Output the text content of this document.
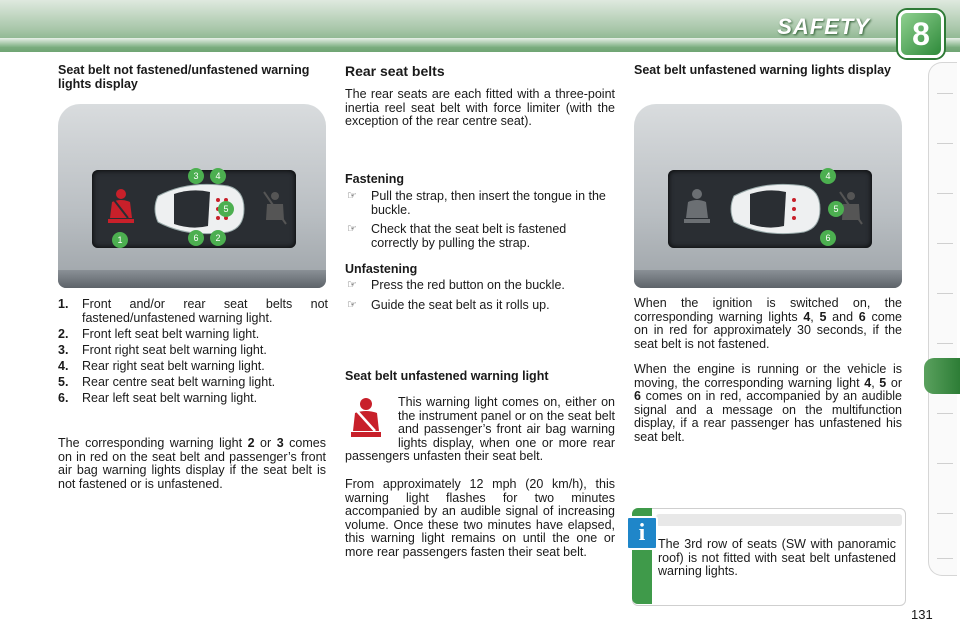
SAFETY	8
Seat belt not fastened/unfastened warning lights display
3	4
5
6
1	2
1.	Front and/or rear seat belts not fastened/unfastened warning light.
2.	Front left seat belt warning light.
3.	Front right seat belt warning light.
4.	Rear right seat belt warning light.
5.	Rear centre seat belt warning light.
6.	Rear left seat belt warning light.
The corresponding warning light 2 or 3 comes on in red on the seat belt and passenger’s front air bag warning lights display if the seat belt is not fastened or is unfastened.
Rear seat belts
The rear seats are each fitted with a three-point inertia reel seat belt with force limiter (with the exception of the rear centre seat).
Fastening
☞	Pull the strap, then insert the tongue in the buckle.
☞	Check that the seat belt is fastened correctly by pulling the strap.
Unfastening
☞	Press the red button on the buckle.
☞	Guide the seat belt as it rolls up.
Seat belt unfastened warning light
This warning light comes on, either on the instrument panel or on the seat belt and passenger’s front air bag warning lights display, when one or more rear passengers unfasten their seat belt.
From approximately 12 mph (20 km/h), this warning light flashes for two minutes accompanied by an audible signal of increasing volume. Once these two minutes have elapsed, this warning light remains on until the one or more rear passengers fasten their seat belt.
Seat belt unfastened warning lights display
4
5
6
When the ignition is switched on, the corresponding warning lights 4, 5 and 6 come on in red for approximately 30 seconds, if the seat belt is not fastened.
When the engine is running or the vehicle is moving, the corresponding warning light 4, 5 or 6 comes on in red, accompanied by an audible signal and a message on the multifunction display, if a rear passenger has unfastened his seat belt.
i	The 3rd row of seats (SW with panoramic roof) is not fitted with seat belt unfastened warning lights.
131
